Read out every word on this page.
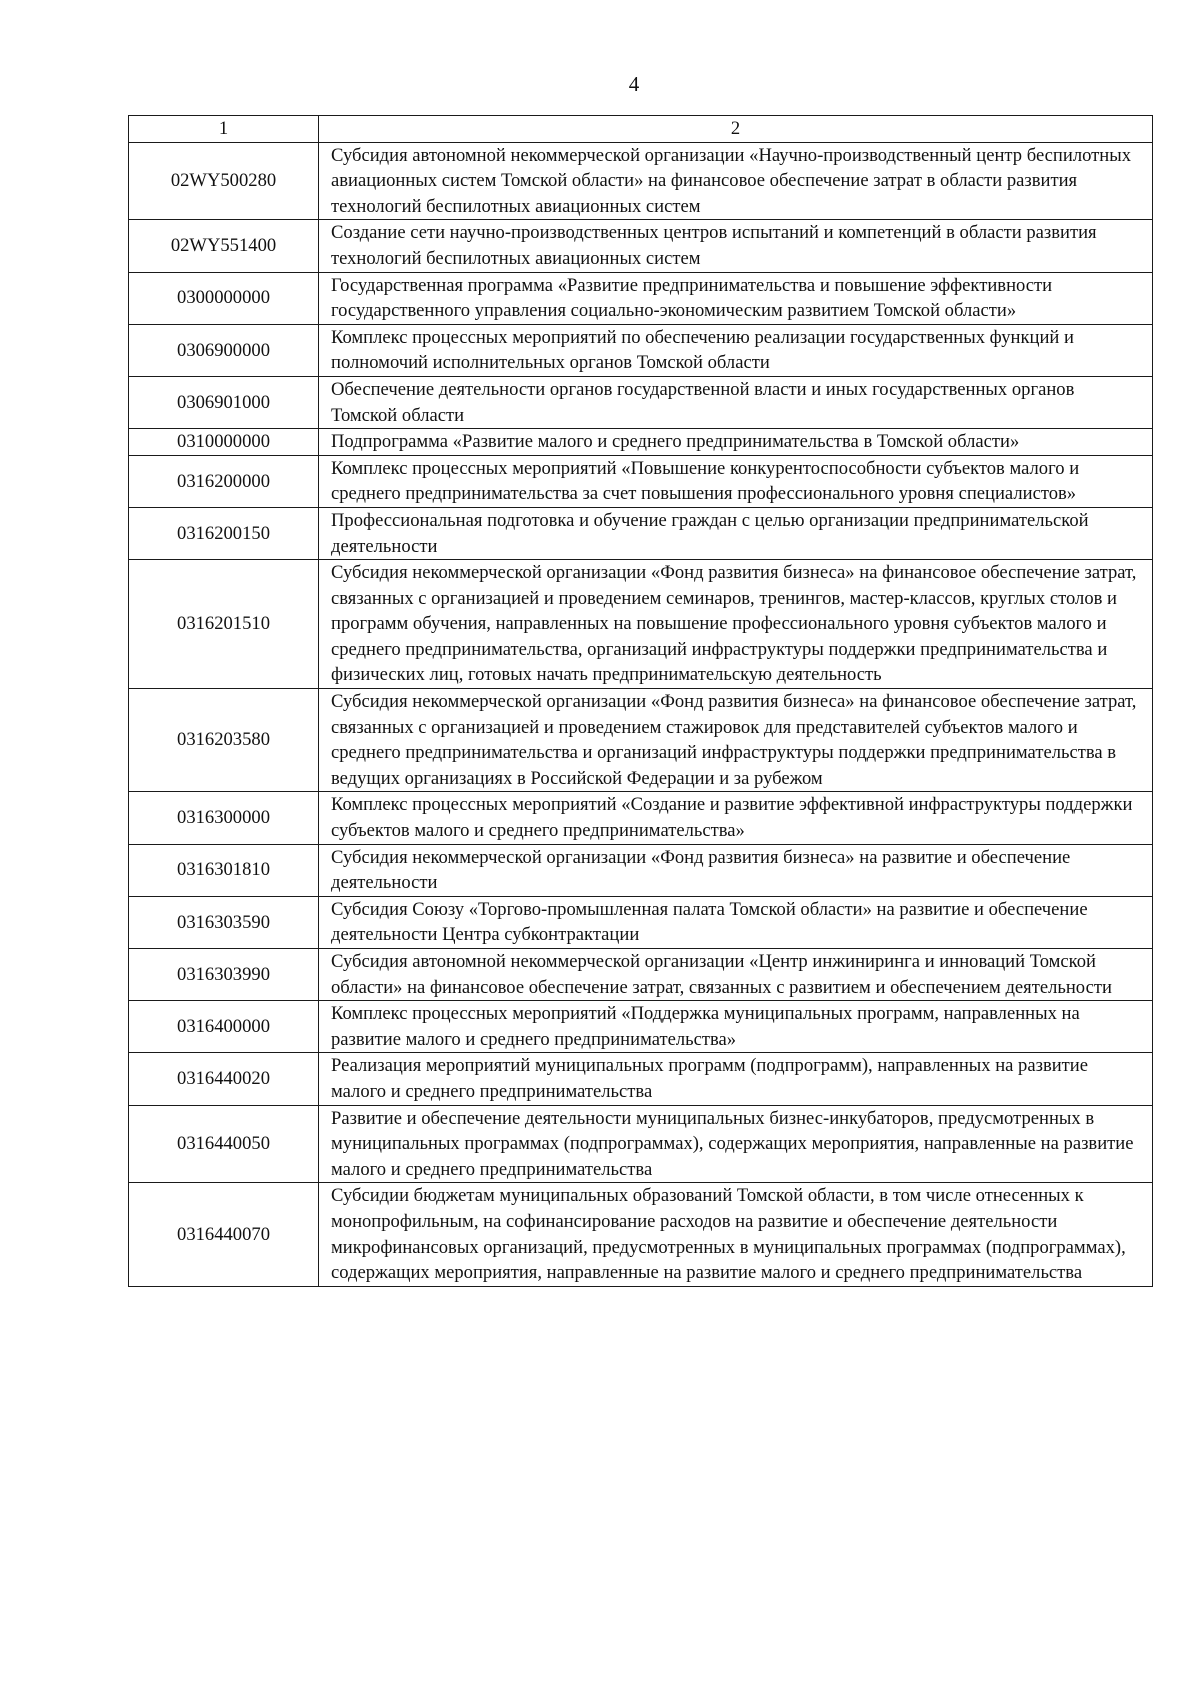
4
1	2
02WY500280	Субсидия автономной некоммерческой организации «Научно-производственный центр беспилотных авиационных систем Томской области» на финансовое обеспечение затрат в области развития технологий беспилотных авиационных систем
02WY551400	Создание сети научно-производственных центров испытаний и компетенций в области развития технологий беспилотных авиационных систем
0300000000	Государственная программа «Развитие предпринимательства и повышение эффективности государственного управления социально-экономическим развитием Томской области»
0306900000	Комплекс процессных мероприятий по обеспечению реализации государственных функций и полномочий исполнительных органов Томской области
0306901000	Обеспечение деятельности органов государственной власти и иных государственных органов Томской области
0310000000	Подпрограмма «Развитие малого и среднего предпринимательства в Томской области»
0316200000	Комплекс процессных мероприятий «Повышение конкурентоспособности субъектов малого и среднего предпринимательства за счет повышения профессионального уровня специалистов»
0316200150	Профессиональная подготовка и обучение граждан с целью организации предпринимательской деятельности
0316201510	Субсидия некоммерческой организации «Фонд развития бизнеса» на финансовое обеспечение затрат, связанных с организацией и проведением семинаров, тренингов, мастер-классов, круглых столов и программ обучения, направленных на повышение профессионального уровня субъектов малого и среднего предпринимательства, организаций инфраструктуры поддержки предпринимательства и физических лиц, готовых начать предпринимательскую деятельность
0316203580	Субсидия некоммерческой организации «Фонд развития бизнеса» на финансовое обеспечение затрат, связанных с организацией и проведением стажировок для представителей субъектов малого и среднего предпринимательства и организаций инфраструктуры поддержки предпринимательства в ведущих организациях в Российской Федерации и за рубежом
0316300000	Комплекс процессных мероприятий «Создание и развитие эффективной инфраструктуры поддержки субъектов малого и среднего предпринимательства»
0316301810	Субсидия некоммерческой организации «Фонд развития бизнеса» на развитие и обеспечение деятельности
0316303590	Субсидия Союзу «Торгово-промышленная палата Томской области» на развитие и обеспечение деятельности Центра субконтрактации
0316303990	Субсидия автономной некоммерческой организации «Центр инжиниринга и инноваций Томской области» на финансовое обеспечение затрат, связанных с развитием и обеспечением деятельности
0316400000	Комплекс процессных мероприятий «Поддержка муниципальных программ, направленных на развитие малого и среднего предпринимательства»
0316440020	Реализация мероприятий муниципальных программ (подпрограмм), направленных на развитие малого и среднего предпринимательства
0316440050	Развитие и обеспечение деятельности муниципальных бизнес-инкубаторов, предусмотренных в муниципальных программах (подпрограммах), содержащих мероприятия, направленные на развитие малого и среднего предпринимательства
0316440070	Субсидии бюджетам муниципальных образований Томской области, в том числе отнесенных к монопрофильным, на софинансирование расходов на развитие и обеспечение деятельности микрофинансовых организаций, предусмотренных в муниципальных программах (подпрограммах), содержащих мероприятия, направленные на развитие малого и среднего предпринимательства
